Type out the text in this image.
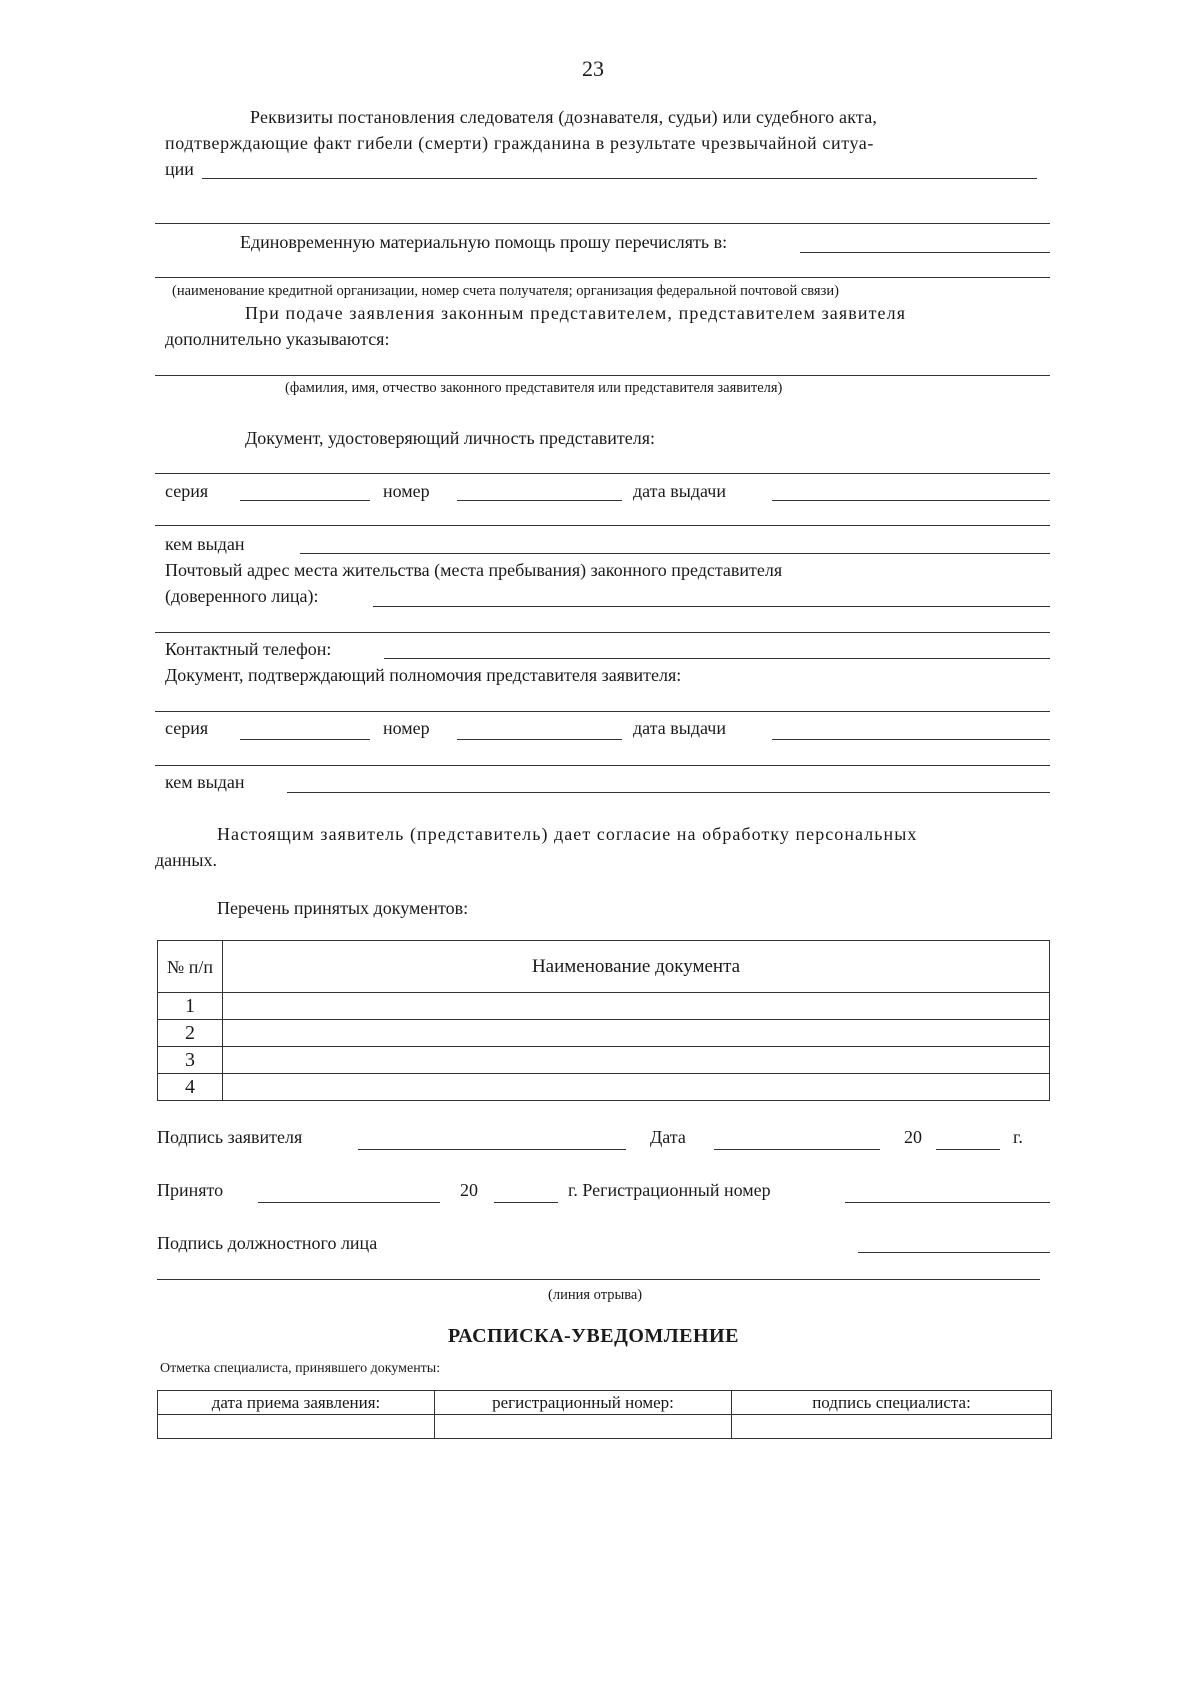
23
Реквизиты постановления следователя (дознавателя, судьи) или судебного акта,
подтверждающие факт гибели (смерти) гражданина в результате чрезвычайной ситуа-
ции
Единовременную материальную помощь прошу перечислять в:
(наименование кредитной организации, номер счета получателя; организация федеральной почтовой связи)
При подаче заявления законным представителем, представителем заявителя
дополнительно указываются:
(фамилия, имя, отчество законного представителя или представителя заявителя)
Документ, удостоверяющий личность представителя:
серия	номер	дата выдачи
кем выдан
Почтовый адрес места жительства (места пребывания) законного представителя
(доверенного лица):
Контактный телефон:
Документ, подтверждающий полномочия представителя заявителя:
серия	номер	дата выдачи
кем выдан
Настоящим заявитель (представитель) дает согласие на обработку персональных
данных.
Перечень принятых документов:
№ п/п	Наименование документа
1	
2	
3	
4	
Подпись заявителя	Дата	20	г.
Принято	20	г. Регистрационный номер
Подпись должностного лица
(линия отрыва)
РАСПИСКА-УВЕДОМЛЕНИЕ
Отметка специалиста, принявшего документы:
дата приема заявления:	регистрационный номер:	подпись специалиста:
